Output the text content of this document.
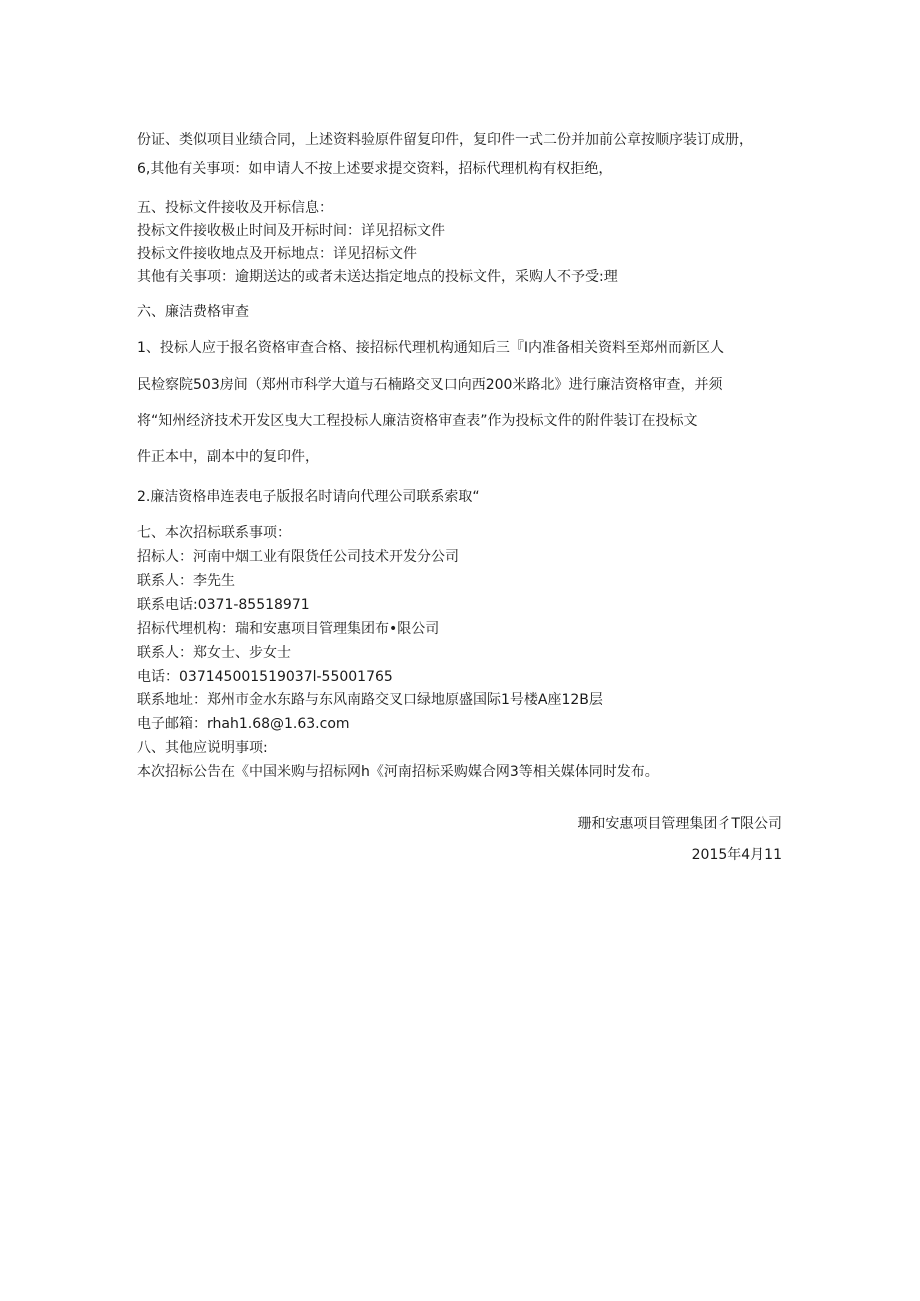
份证、类似项目业绩合同，上述资料验原件留复印件，复印件一式二份并加前公章按顺序装订成册，
6,其他有关事项：如申请人不按上述要求提交资料，招标代理机构有权拒绝，
五、投标文件接收及开标信息：
投标文件接收极止时间及开标时间：详见招标文件
投标文件接收地点及开标地点：详见招标文件
其他有关事项：逾期送达的或者未送达指定地点的投标文件，采购人不予受:理
六、廉洁费格审查
1、投标人应于报名资格审查合格、接招标代理机构通知后三『I内准备相关资料至郑州而新区人
民检察院503房间（郑州市科学大道与石楠路交叉口向西200米路北》进行廉洁资格审查，并须
将“知州经济技术开发区曳大工程投标人廉洁资格审查表”作为投标文件的附件装订在投标文
件正本中，副本中的复印件，
2.廉洁资格串连表电子版报名时请向代理公司联系索取“
七、本次招标联系事项：
招标人：河南中烟工业有限货任公司技术开发分公司
联系人：李先生
联系电话:0371-85518971
招标代埋机构：瑞和安惠项目管理集团布•限公司
联系人：郑女士、步女士
电话：037145001519037l-55001765
联系地址：郑州市金水东路与东风南路交叉口绿地原盛国际1号楼A座12B层
电子邮箱：rhah1.68@1.63.com
八、其他应说明事项:
本次招标公告在《中国米购与招标网h《河南招标采购媒合网3等相关媒体同时发布。
珊和安惠项目管理集团彳T限公司
2015年4月11
